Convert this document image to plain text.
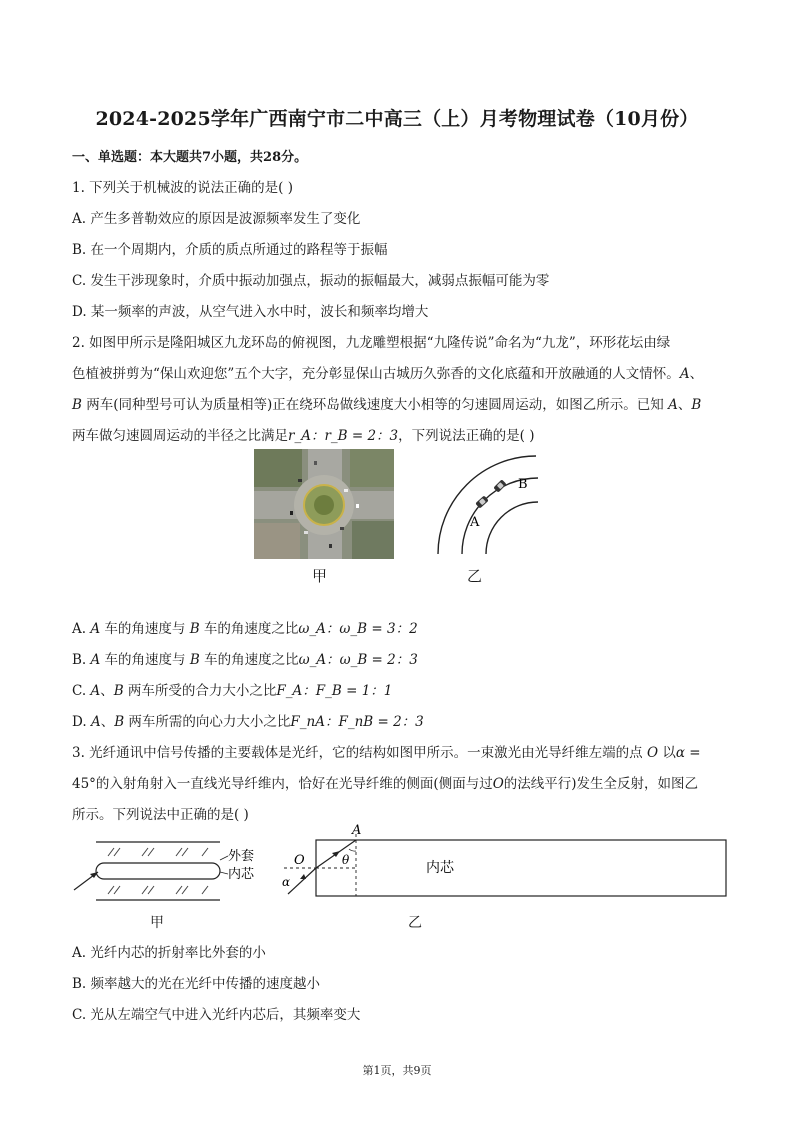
2024-2025学年广西南宁市二中高三（上）月考物理试卷（10月份）
一、单选题：本大题共7小题，共28分。
1. 下列关于机械波的说法正确的是( )
A. 产生多普勒效应的原因是波源频率发生了变化
B. 在一个周期内，介质的质点所通过的路程等于振幅
C. 发生干涉现象时，介质中振动加强点，振动的振幅最大，减弱点振幅可能为零
D. 某一频率的声波，从空气进入水中时，波长和频率均增大
2. 如图甲所示是隆阳城区九龙环岛的俯视图，九龙雕塑根据“九隆传说”命名为“九龙”，环形花坛由绿
色植被拼剪为“保山欢迎您”五个大字，充分彰显保山古城历久弥香的文化底蕴和开放融通的人文情怀。A、
B 两车(同种型号可认为质量相等)正在绕环岛做线速度大小相等的匀速圆周运动，如图乙所示。已知 A、B
两车做匀速圆周运动的半径之比满足r_A：r_B = 2：3，下列说法正确的是( )
甲
A
B
乙
A. A 车的角速度与 B 车的角速度之比ω_A：ω_B = 3：2
B. A 车的角速度与 B 车的角速度之比ω_A：ω_B = 2：3
C. A、B 两车所受的合力大小之比F_A：F_B = 1：1
D. A、B 两车所需的向心力大小之比F_nA：F_nB = 2：3
3. 光纤通讯中信号传播的主要载体是光纤，它的结构如图甲所示。一束激光由光导纤维左端的点 O 以α =
45°的入射角射入一直线光导纤维内，恰好在光导纤维的侧面(侧面与过O的法线平行)发生全反射，如图乙
所示。下列说法中正确的是( )
外套
内芯
甲
A
O	θ
α
内芯
乙
A. 光纤内芯的折射率比外套的小
B. 频率越大的光在光纤中传播的速度越小
C. 光从左端空气中进入光纤内芯后，其频率变大
第1页，共9页
